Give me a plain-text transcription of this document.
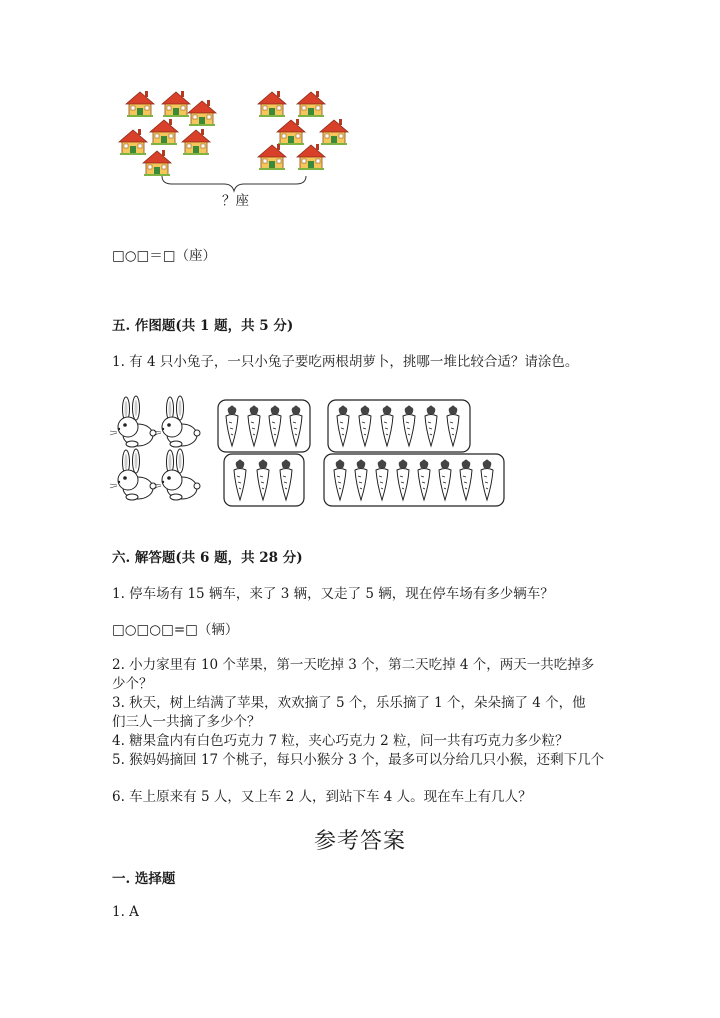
？座
□○□＝□（座）
五. 作图题(共 1 题，共 5 分)
1. 有 4 只小兔子，一只小兔子要吃两根胡萝卜，挑哪一堆比较合适？请涂色。
六. 解答题(共 6 题，共 28 分)
1. 停车场有 15 辆车，来了 3 辆，又走了 5 辆，现在停车场有多少辆车？
□○□○□=□（辆）
2. 小力家里有 10 个苹果，第一天吃掉 3 个，第二天吃掉 4 个，两天一共吃掉多
少个？
3. 秋天，树上结满了苹果，欢欢摘了 5 个，乐乐摘了 1 个，朵朵摘了 4 个，他
们三人一共摘了多少个？
4. 糖果盒内有白色巧克力 7 粒，夹心巧克力 2 粒，问一共有巧克力多少粒？
5. 猴妈妈摘回 17 个桃子，每只小猴分 3 个，最多可以分给几只小猴，还剩下几个
6. 车上原来有 5 人，又上车 2 人，到站下车 4 人。现在车上有几人？
参考答案
一. 选择题
1. A
